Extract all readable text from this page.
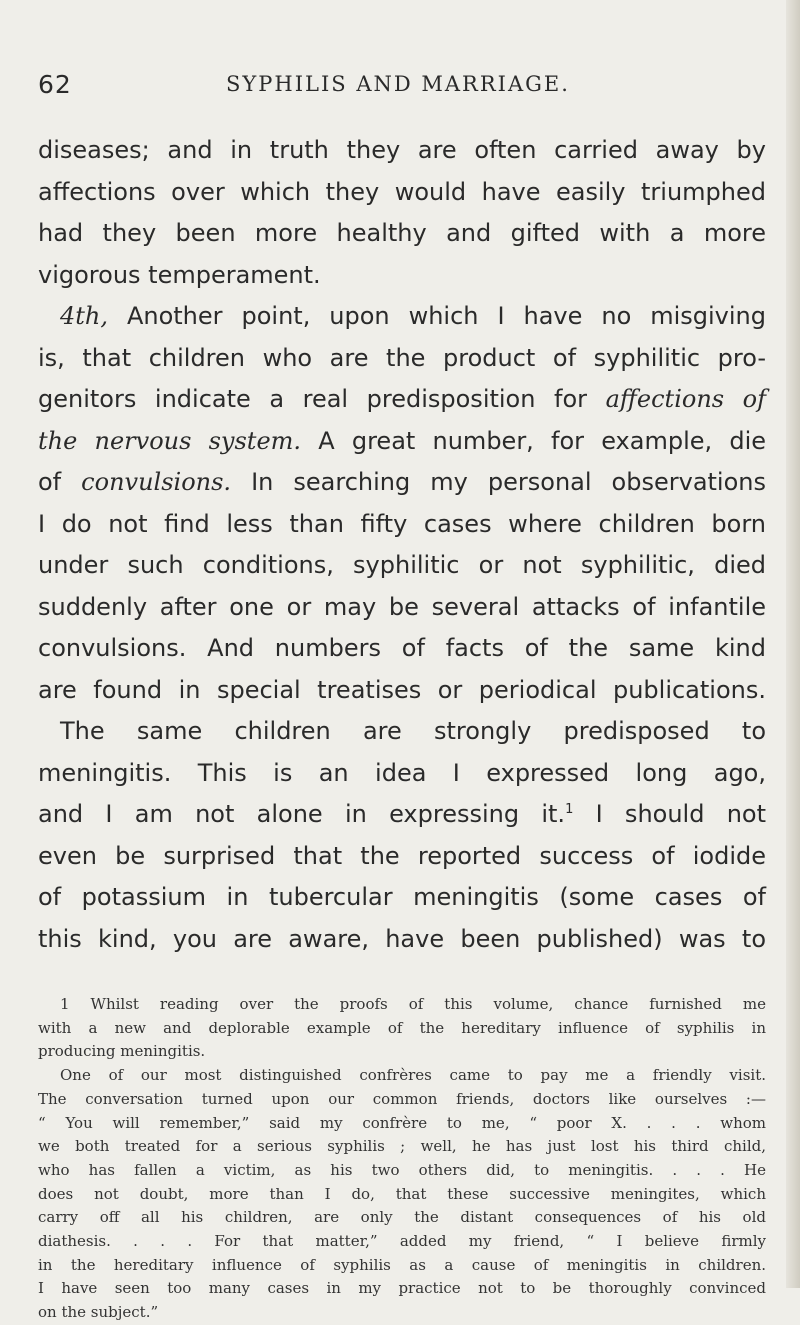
62	SYPHILIS AND MARRIAGE.
diseases; and in truth they are often carried away by
affections over which they would have easily triumphed
had they been more healthy and gifted with a more
vigorous temperament.
4th, Another point, upon which I have no misgiving
is, that children who are the product of syphilitic pro-
genitors indicate a real predisposition for affections of
the nervous system. A great number, for example, die
of convulsions. In searching my personal observations
I do not find less than fifty cases where children born
under such conditions, syphilitic or not syphilitic, died
suddenly after one or may be several attacks of infantile
convulsions. And numbers of facts of the same kind
are found in special treatises or periodical publications.
The same children are strongly predisposed to
meningitis. This is an idea I expressed long ago,
and I am not alone in expressing it.$^1$ I should not
even be surprised that the reported success of iodide
of potassium in tubercular meningitis (some cases of
this kind, you are aware, have been published) was to
1 Whilst reading over the proofs of this volume, chance furnished me
with a new and deplorable example of the hereditary influence of syphilis in
producing meningitis.
One of our most distinguished confrères came to pay me a friendly visit.
The conversation turned upon our common friends, doctors like ourselves :—
“ You will remember,” said my confrère to me, “ poor X. . . . whom
we both treated for a serious syphilis ; well, he has just lost his third child,
who has fallen a victim, as his two others did, to meningitis. . . . He
does not doubt, more than I do, that these successive meningites, which
carry off all his children, are only the distant consequences of his old
diathesis. . . . For that matter,” added my friend, “ I believe firmly
in the hereditary influence of syphilis as a cause of meningitis in children.
I have seen too many cases in my practice not to be thoroughly convinced
on the subject.”
